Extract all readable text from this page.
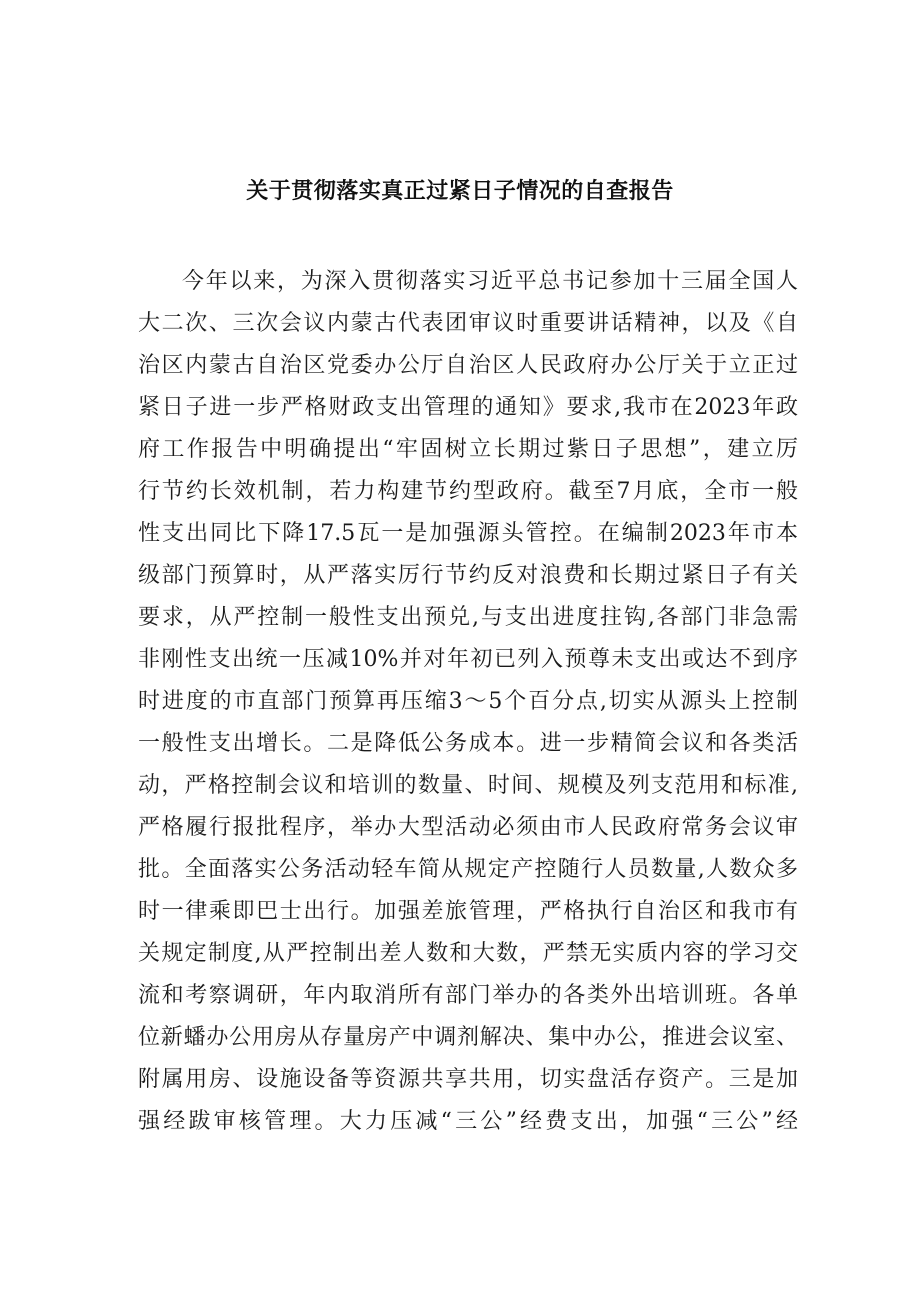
关于贯彻落实真正过紧日子情况的自查报告
今年以来，为深入贯彻落实习近平总书记参加十三届全国人
大二次、三次会议内蒙古代表团审议时重要讲话精神，以及《自
治区内蒙古自治区党委办公厅自治区人民政府办公厅关于立正过
紧日子进一步严格财政支出管理的通知》要求,我市在2023年政
府工作报告中明确提出“牢固树立长期过紫日子思想”，建立厉
行节约长效机制，若力构建节约型政府。截至7月底，全市一般
性支出同比下降17.5瓦一是加强源头管控。在编制2023年市本
级部门预算时，从严落实厉行节约反对浪费和长期过紧日子有关
要求，从严控制一般性支出预兑,与支出进度拄钩,各部门非急需
非刚性支出统一压减10%并对年初已列入预尊未支出或达不到序
时进度的市直部门预算再压缩3〜5个百分点,切实从源头上控制
一般性支出增长。二是降低公务成本。进一步精简会议和各类活
动，严格控制会议和培训的数量、时间、规模及列支范用和标准,
严格履行报批程序，举办大型活动必须由市人民政府常务会议审
批。全面落实公务活动轻车简从规定产控随行人员数量,人数众多
时一律乘即巴士出行。加强差旅管理，严格执行自治区和我市有
关规定制度,从严控制出差人数和大数，严禁无实质内容的学习交
流和考察调研，年内取消所有部门举办的各类外出培训班。各单
位新蟠办公用房从存量房产中调剂解决、集中办公，推进会议室、
附属用房、设施设备等资源共享共用，切实盘活存资产。三是加
强经跋审核管理。大力压减“三公”经费支出，加强“三公”经
